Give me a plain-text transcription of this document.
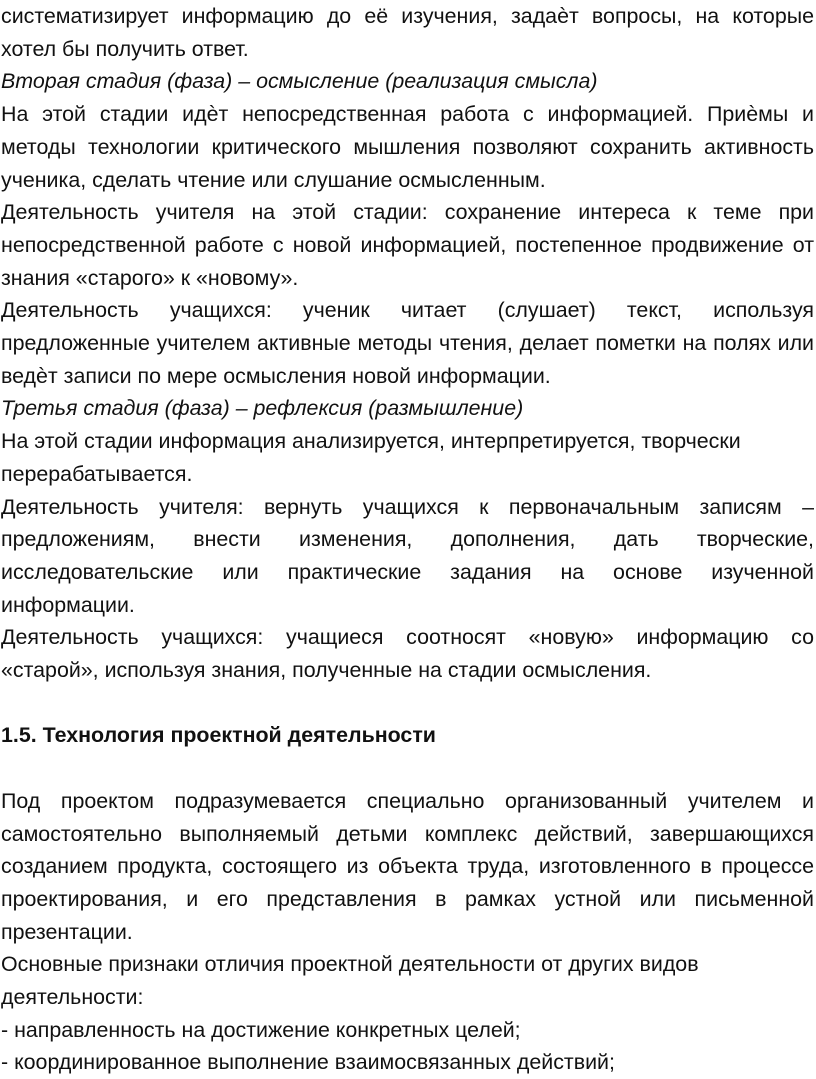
систематизирует информацию до её изучения, задаѐт вопросы, на которые хотел бы получить ответ.

Вторая стадия (фаза) – осмысление (реализация смысла)

На этой стадии идѐт непосредственная работа с информацией. Приѐмы и методы технологии критического мышления позволяют сохранить активность ученика, сделать чтение или слушание осмысленным.

Деятельность учителя на этой стадии: сохранение интереса к теме при непосредственной работе с новой информацией, постепенное продвижение от знания «старого» к «новому».

Деятельность учащихся: ученик читает (слушает) текст, используя предложенные учителем активные методы чтения, делает пометки на полях или ведѐт записи по мере осмысления новой информации.

Третья стадия (фаза) – рефлексия (размышление)

На этой стадии информация анализируется, интерпретируется, творчески перерабатывается.

Деятельность учителя: вернуть учащихся к первоначальным записям – предложениям, внести изменения, дополнения, дать творческие, исследовательские или практические задания на основе изученной информации.

Деятельность учащихся: учащиеся соотносят «новую» информацию со «старой», используя знания, полученные на стадии осмысления.

1.5. Технология проектной деятельности

Под проектом подразумевается специально организованный учителем и самостоятельно выполняемый детьми комплекс действий, завершающихся созданием продукта, состоящего из объекта труда, изготовленного в процессе проектирования, и его представления в рамках устной или письменной презентации.

Основные признаки отличия проектной деятельности от других видов деятельности:

- направленность на достижение конкретных целей;

- координированное выполнение взаимосвязанных действий;
